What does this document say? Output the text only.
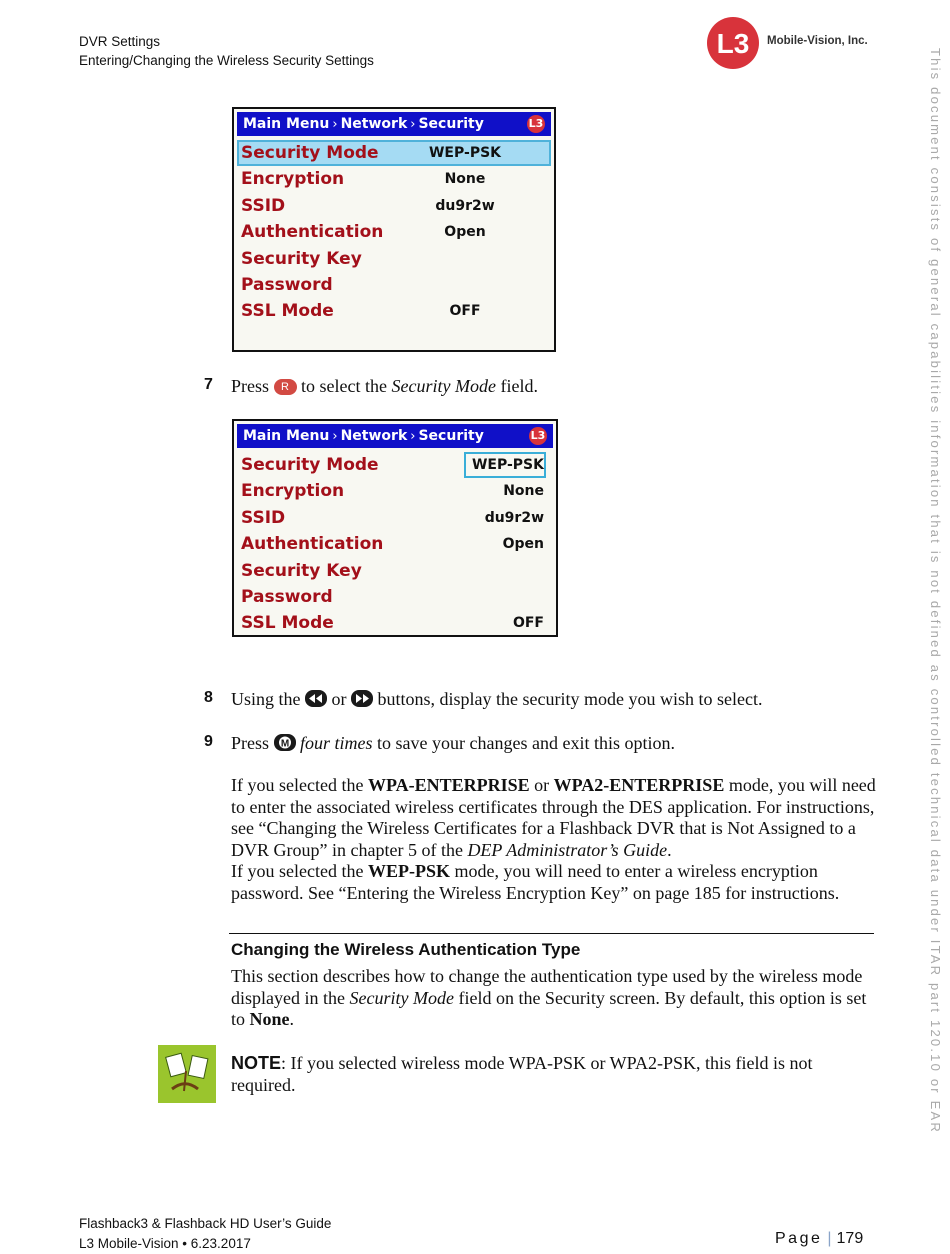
DVR Settings
Entering/Changing the Wireless Security Settings
L3 Mobile-Vision, Inc.
This document consists of general capabilities information that is not defined as controlled technical data under ITAR part 120.10 or EAR
Main Menu › Network › Security	L3
Security Mode	WEP-PSK
Encryption	None
SSID	du9r2w
Authentication	Open
Security Key
Password
SSL Mode	OFF
7 Press R to select the Security Mode field.
Main Menu › Network › Security	L3
Security Mode	WEP-PSK
Encryption	None
SSID	du9r2w
Authentication	Open
Security Key
Password
SSL Mode	OFF
8 Using the or buttons, display the security mode you wish to select.
9 Press M four times to save your changes and exit this option.

If you selected the WPA-ENTERPRISE or WPA2-ENTERPRISE mode, you will need to enter the associated wireless certificates through the DES application. For instructions, see “Changing the Wireless Certificates for a Flashback DVR that is Not Assigned to a DVR Group” in chapter 5 of the DEP Administrator’s Guide.

If you selected the WEP-PSK mode, you will need to enter a wireless encryption password. See “Entering the Wireless Encryption Key” on page 185 for instructions.

Changing the Wireless Authentication Type

This section describes how to change the authentication type used by the wireless mode displayed in the Security Mode field on the Security screen. By default, this option is set to None.

NOTE: If you selected wireless mode WPA-PSK or WPA2-PSK, this field is not required.

Flashback3 & Flashback HD User’s Guide
L3 Mobile-Vision • 6.23.2017	Page | 179
